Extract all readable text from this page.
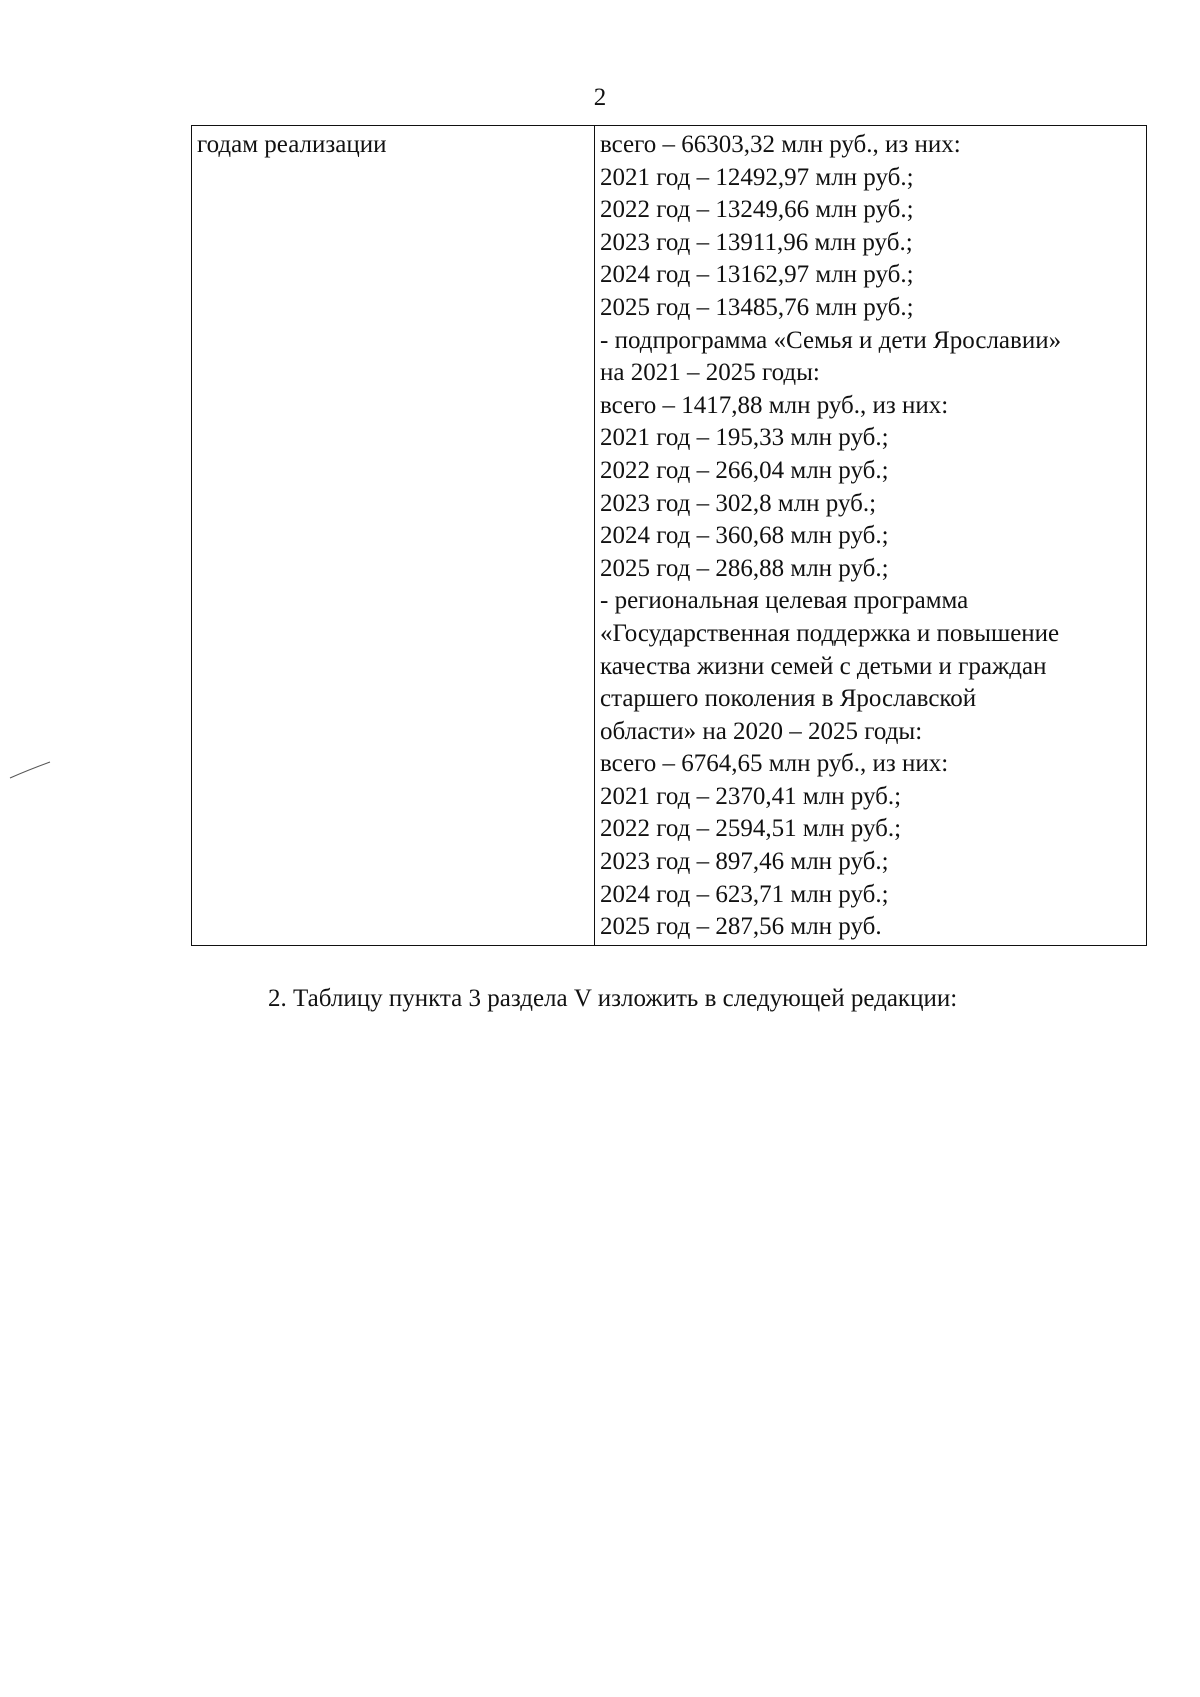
2
годам реализации	всего – 66303,32 млн руб., из них:
2021 год – 12492,97 млн руб.;
2022 год – 13249,66 млн руб.;
2023 год – 13911,96 млн руб.;
2024 год – 13162,97 млн руб.;
2025 год – 13485,76 млн руб.;
- подпрограмма «Семья и дети Ярославии»
на 2021 – 2025 годы:
всего – 1417,88 млн руб., из них:
2021 год – 195,33 млн руб.;
2022 год – 266,04 млн руб.;
2023 год – 302,8 млн руб.;
2024 год – 360,68 млн руб.;
2025 год – 286,88 млн руб.;
- региональная целевая программа
«Государственная поддержка и повышение
качества жизни семей с детьми и граждан
старшего поколения в Ярославской
области» на 2020 – 2025 годы:
всего – 6764,65 млн руб., из них:
2021 год – 2370,41 млн руб.;
2022 год – 2594,51 млн руб.;
2023 год – 897,46 млн руб.;
2024 год – 623,71 млн руб.;
2025 год – 287,56 млн руб.
2. Таблицу пункта 3 раздела V изложить в следующей редакции:
